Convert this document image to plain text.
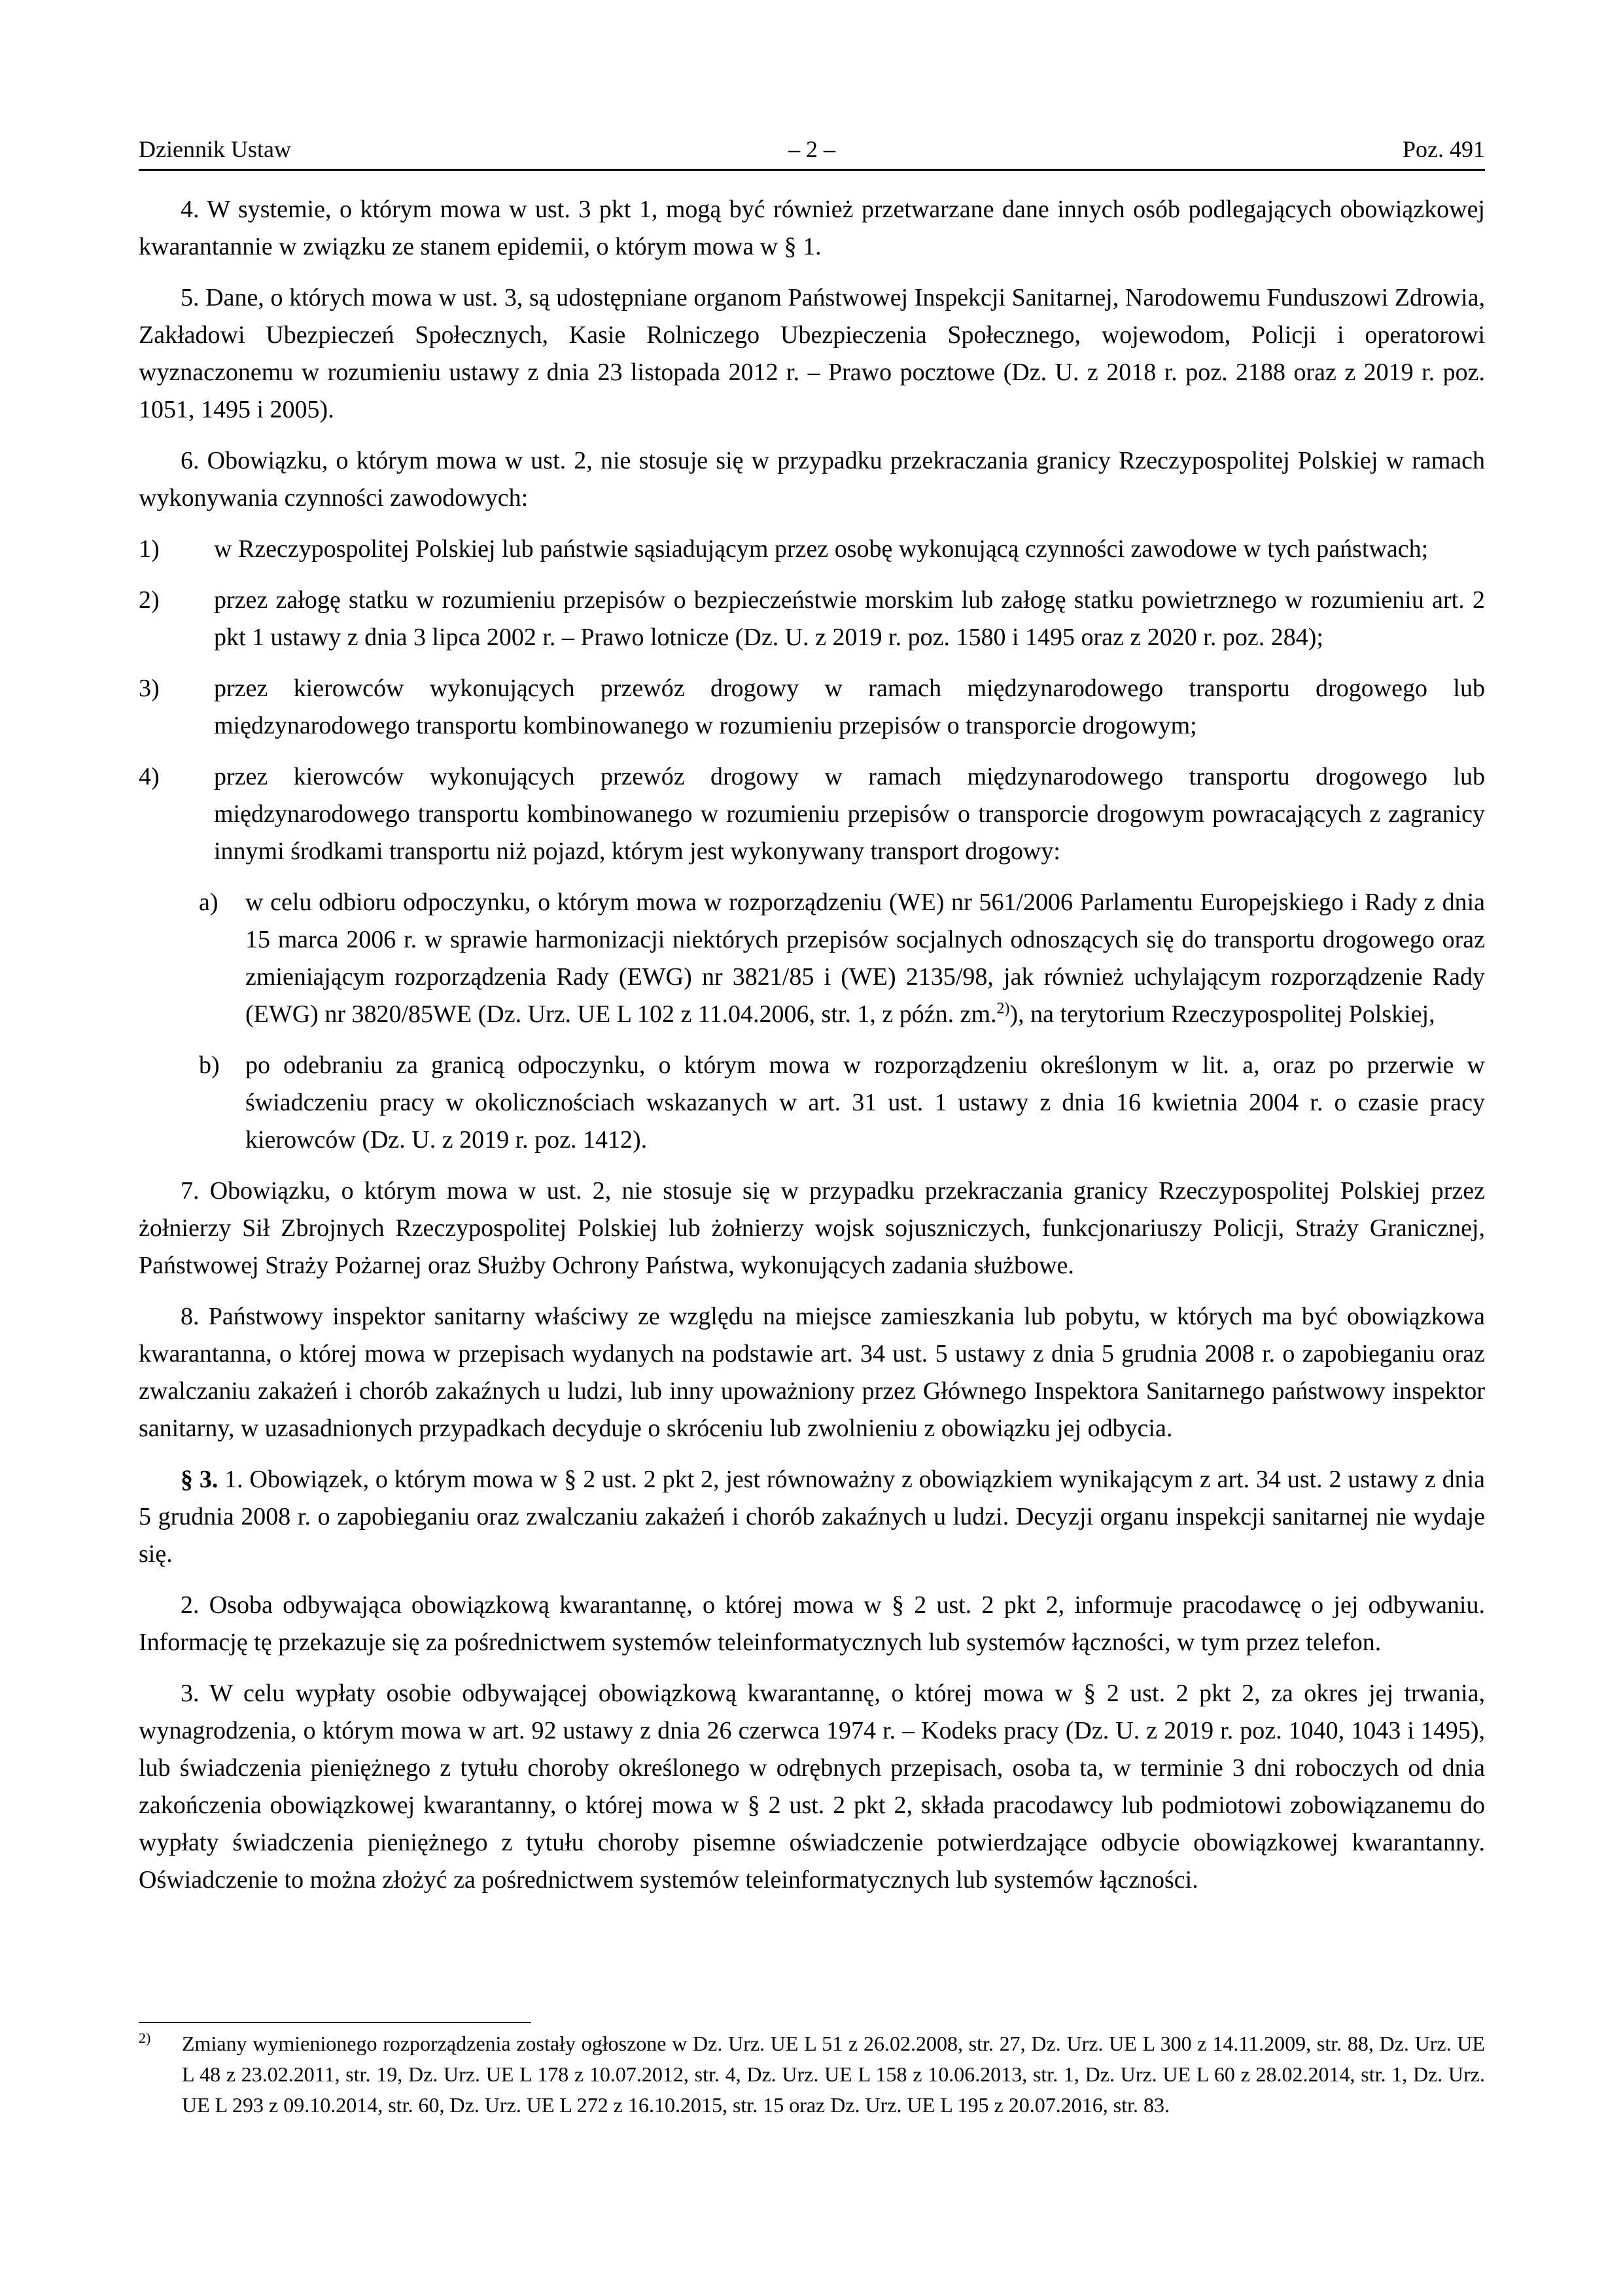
Dziennik Ustaw	– 2 –	Poz. 491

4. W systemie, o którym mowa w ust. 3 pkt 1, mogą być również przetwarzane dane innych osób podlegających obowiązkowej kwarantannie w związku ze stanem epidemii, o którym mowa w § 1.

5. Dane, o których mowa w ust. 3, są udostępniane organom Państwowej Inspekcji Sanitarnej, Narodowemu Funduszowi Zdrowia, Zakładowi Ubezpieczeń Społecznych, Kasie Rolniczego Ubezpieczenia Społecznego, wojewodom, Policji i operatorowi wyznaczonemu w rozumieniu ustawy z dnia 23 listopada 2012 r. – Prawo pocztowe (Dz. U. z 2018 r. poz. 2188 oraz z 2019 r. poz. 1051, 1495 i 2005).

6. Obowiązku, o którym mowa w ust. 2, nie stosuje się w przypadku przekraczania granicy Rzeczypospolitej Polskiej w ramach wykonywania czynności zawodowych:

1) w Rzeczypospolitej Polskiej lub państwie sąsiadującym przez osobę wykonującą czynności zawodowe w tych państwach;
2) przez załogę statku w rozumieniu przepisów o bezpieczeństwie morskim lub załogę statku powietrznego w rozumieniu art. 2 pkt 1 ustawy z dnia 3 lipca 2002 r. – Prawo lotnicze (Dz. U. z 2019 r. poz. 1580 i 1495 oraz z 2020 r. poz. 284);
3) przez kierowców wykonujących przewóz drogowy w ramach międzynarodowego transportu drogowego lub międzynarodowego transportu kombinowanego w rozumieniu przepisów o transporcie drogowym;
4) przez kierowców wykonujących przewóz drogowy w ramach międzynarodowego transportu drogowego lub międzynarodowego transportu kombinowanego w rozumieniu przepisów o transporcie drogowym powracających z zagranicy innymi środkami transportu niż pojazd, którym jest wykonywany transport drogowy:
a) w celu odbioru odpoczynku, o którym mowa w rozporządzeniu (WE) nr 561/2006 Parlamentu Europejskiego i Rady z dnia 15 marca 2006 r. w sprawie harmonizacji niektórych przepisów socjalnych odnoszących się do transportu drogowego oraz zmieniającym rozporządzenia Rady (EWG) nr 3821/85 i (WE) 2135/98, jak również uchylającym rozporządzenie Rady (EWG) nr 3820/85WE (Dz. Urz. UE L 102 z 11.04.2006, str. 1, z późn. zm.$^{2)}$), na terytorium Rzeczypospolitej Polskiej,
b) po odebraniu za granicą odpoczynku, o którym mowa w rozporządzeniu określonym w lit. a, oraz po przerwie w świadczeniu pracy w okolicznościach wskazanych w art. 31 ust. 1 ustawy z dnia 16 kwietnia 2004 r. o czasie pracy kierowców (Dz. U. z 2019 r. poz. 1412).

7. Obowiązku, o którym mowa w ust. 2, nie stosuje się w przypadku przekraczania granicy Rzeczypospolitej Polskiej przez żołnierzy Sił Zbrojnych Rzeczypospolitej Polskiej lub żołnierzy wojsk sojuszniczych, funkcjonariuszy Policji, Straży Granicznej, Państwowej Straży Pożarnej oraz Służby Ochrony Państwa, wykonujących zadania służbowe.

8. Państwowy inspektor sanitarny właściwy ze względu na miejsce zamieszkania lub pobytu, w których ma być obowiązkowa kwarantanna, o której mowa w przepisach wydanych na podstawie art. 34 ust. 5 ustawy z dnia 5 grudnia 2008 r. o zapobieganiu oraz zwalczaniu zakażeń i chorób zakaźnych u ludzi, lub inny upoważniony przez Głównego Inspektora Sanitarnego państwowy inspektor sanitarny, w uzasadnionych przypadkach decyduje o skróceniu lub zwolnieniu z obowiązku jej odbycia.

§ 3. 1. Obowiązek, o którym mowa w § 2 ust. 2 pkt 2, jest równoważny z obowiązkiem wynikającym z art. 34 ust. 2 ustawy z dnia 5 grudnia 2008 r. o zapobieganiu oraz zwalczaniu zakażeń i chorób zakaźnych u ludzi. Decyzji organu inspekcji sanitarnej nie wydaje się.

2. Osoba odbywająca obowiązkową kwarantannę, o której mowa w § 2 ust. 2 pkt 2, informuje pracodawcę o jej odbywaniu. Informację tę przekazuje się za pośrednictwem systemów teleinformatycznych lub systemów łączności, w tym przez telefon.

3. W celu wypłaty osobie odbywającej obowiązkową kwarantannę, o której mowa w § 2 ust. 2 pkt 2, za okres jej trwania, wynagrodzenia, o którym mowa w art. 92 ustawy z dnia 26 czerwca 1974 r. – Kodeks pracy (Dz. U. z 2019 r. poz. 1040, 1043 i 1495), lub świadczenia pieniężnego z tytułu choroby określonego w odrębnych przepisach, osoba ta, w terminie 3 dni roboczych od dnia zakończenia obowiązkowej kwarantanny, o której mowa w § 2 ust. 2 pkt 2, składa pracodawcy lub podmiotowi zobowiązanemu do wypłaty świadczenia pieniężnego z tytułu choroby pisemne oświadczenie potwierdzające odbycie obowiązkowej kwarantanny. Oświadczenie to można złożyć za pośrednictwem systemów teleinformatycznych lub systemów łączności.

2)	Zmiany wymienionego rozporządzenia zostały ogłoszone w Dz. Urz. UE L 51 z 26.02.2008, str. 27, Dz. Urz. UE L 300 z 14.11.2009, str. 88, Dz. Urz. UE L 48 z 23.02.2011, str. 19, Dz. Urz. UE L 178 z 10.07.2012, str. 4, Dz. Urz. UE L 158 z 10.06.2013, str. 1, Dz. Urz. UE L 60 z 28.02.2014, str. 1, Dz. Urz. UE L 293 z 09.10.2014, str. 60, Dz. Urz. UE L 272 z 16.10.2015, str. 15 oraz Dz. Urz. UE L 195 z 20.07.2016, str. 83.
